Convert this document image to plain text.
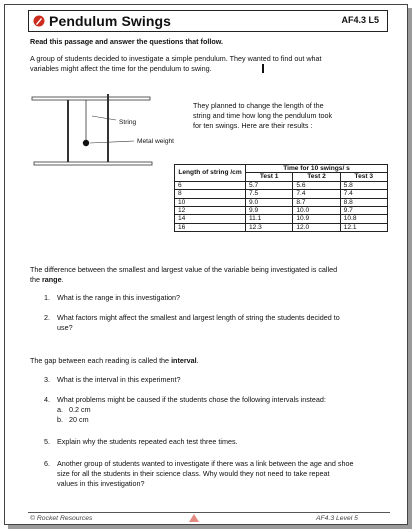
Pendulum Swings	AF4.3 L5
Read this passage and answer the questions that follow.
A group of students decided to investigate a simple pendulum. They wanted to find out what
variables might affect the time for the pendulum to swing.
String
Metal weight
They planned to change the length of the
string and time how long the pendulum took
for ten swings. Here are their results :
Length of string /cm	Time for 10 swings/ s		
	Test 1	Test 2	Test 3
6	5.7	5.6	5.8
8	7.5	7.4	7.4
10	9.0	8.7	8.8
12	9.9	10.0	9.7
14	11.1	10.9	10.8
16	12.3	12.0	12.1
The difference between the smallest and largest value of the variable being investigated is called
the range.
1. What is the range in this investigation?
2. What factors might affect the smallest and largest length of string the students decided to
use?
The gap between each reading is called the interval.
3. What is the interval in this experiment?
4. What problems might be caused if the students chose the following intervals instead:
a. 0.2 cm
b. 20 cm
5. Explain why the students repeated each test three times.
6. Another group of students wanted to investigate if there was a link between the age and shoe
size for all the students in their science class. Why would they not need to take repeat
values in this investigation?
© Rocket Resources	AF4.3 Level 5
